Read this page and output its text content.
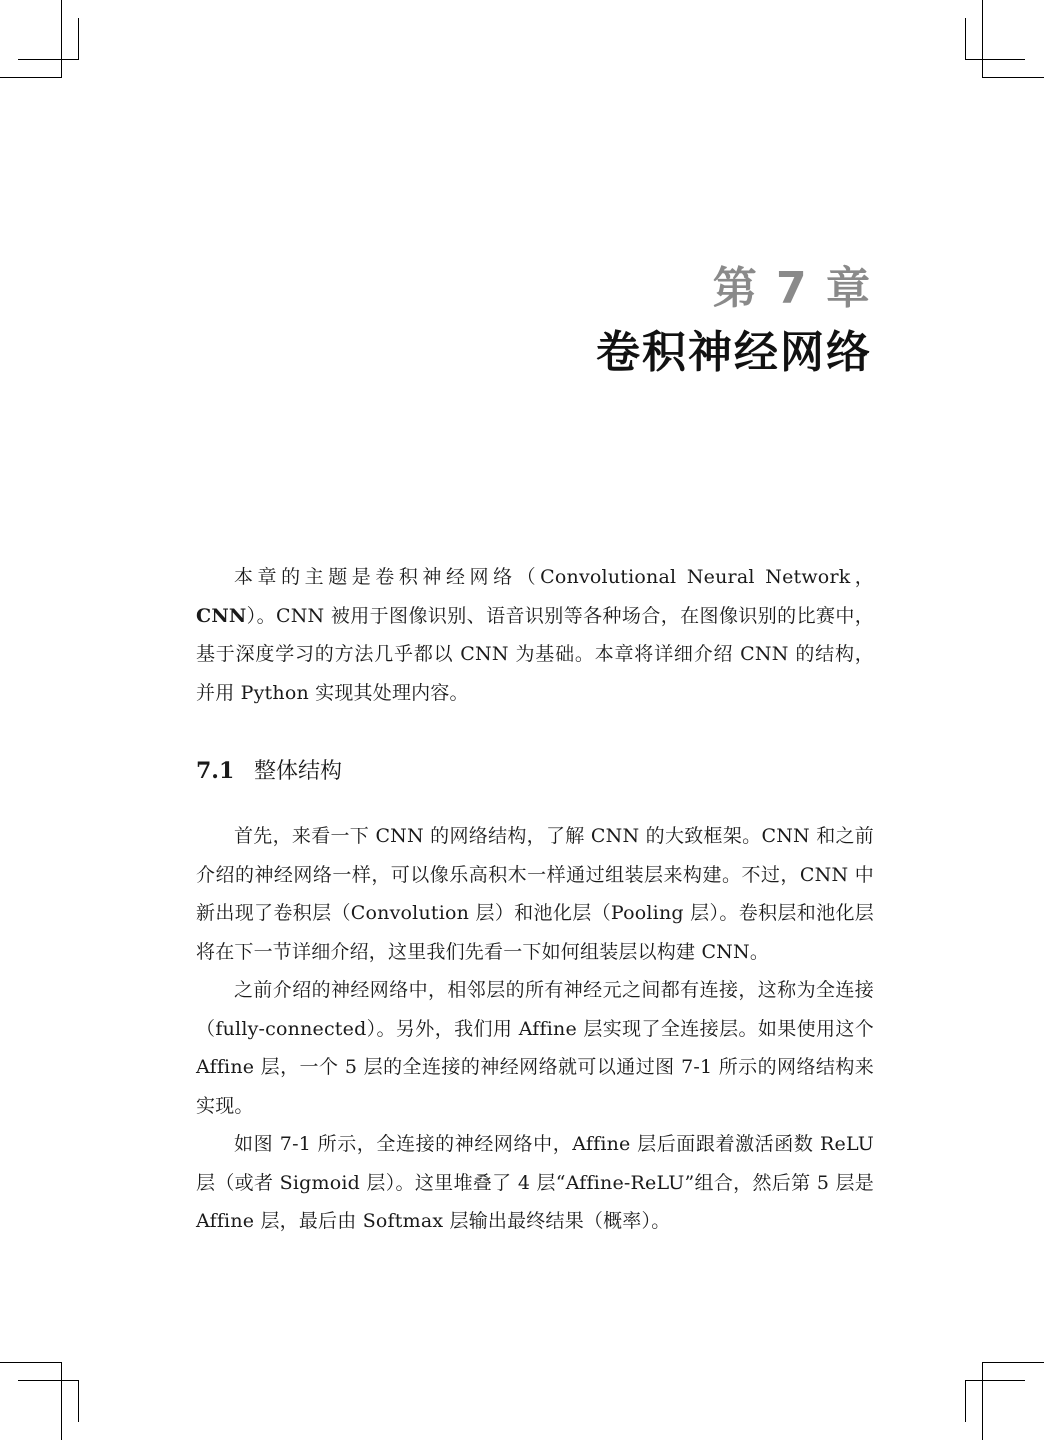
第 7 章
卷积神经网络

本章的主题是卷积神经网络（Convolutional Neural Network，CNN）。CNN 被用于图像识别、语音识别等各种场合，在图像识别的比赛中，基于深度学习的方法几乎都以 CNN 为基础。本章将详细介绍 CNN 的结构，并用 Python 实现其处理内容。

7.1 整体结构

首先，来看一下 CNN 的网络结构，了解 CNN 的大致框架。CNN 和之前介绍的神经网络一样，可以像乐高积木一样通过组装层来构建。不过，CNN 中新出现了卷积层（Convolution 层）和池化层（Pooling 层）。卷积层和池化层将在下一节详细介绍，这里我们先看一下如何组装层以构建 CNN。

之前介绍的神经网络中，相邻层的所有神经元之间都有连接，这称为全连接（fully-connected）。另外，我们用 Affine 层实现了全连接层。如果使用这个 Affine 层，一个 5 层的全连接的神经网络就可以通过图 7-1 所示的网络结构来实现。

如图 7-1 所示，全连接的神经网络中，Affine 层后面跟着激活函数 ReLU 层（或者 Sigmoid 层）。这里堆叠了 4 层“Affine-ReLU”组合，然后第 5 层是 Affine 层，最后由 Softmax 层输出最终结果（概率）。
